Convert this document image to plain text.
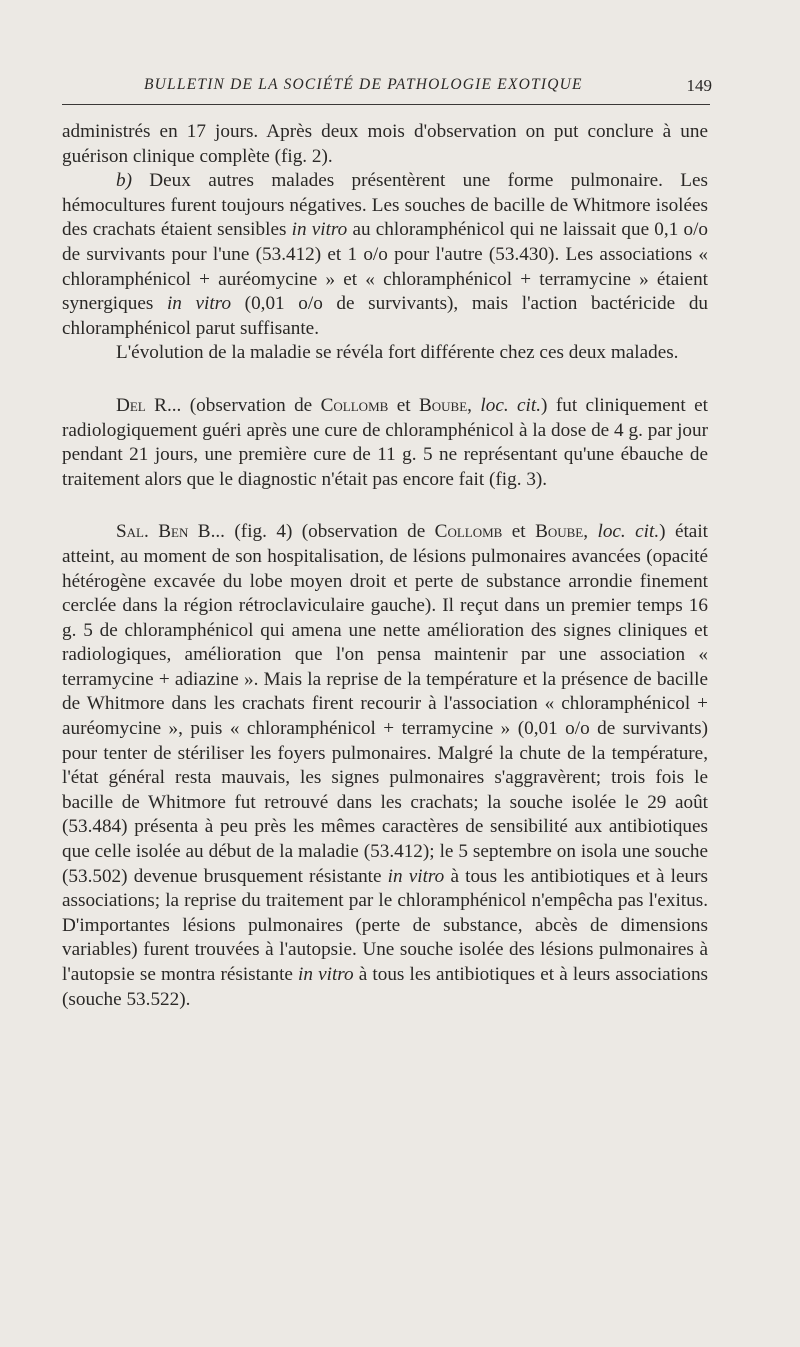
BULLETIN DE LA SOCIÉTÉ DE PATHOLOGIE EXOTIQUE	149

administrés en 17 jours. Après deux mois d'observation on put conclure à une guérison clinique complète (fig. 2).

b) Deux autres malades présentèrent une forme pulmonaire. Les hémocultures furent toujours négatives. Les souches de bacille de Whitmore isolées des crachats étaient sensibles in vitro au chloramphénicol qui ne laissait que 0,1 o/o de survivants pour l'une (53.412) et 1 o/o pour l'autre (53.430). Les associations « chloramphénicol + auréomycine » et « chloramphénicol + terramycine » étaient synergiques in vitro (0,01 o/o de survivants), mais l'action bactéricide du chloramphénicol parut suffisante.

L'évolution de la maladie se révéla fort différente chez ces deux malades.

Del R... (observation de Collomb et Boube, loc. cit.) fut cliniquement et radiologiquement guéri après une cure de chloramphénicol à la dose de 4 g. par jour pendant 21 jours, une première cure de 11 g. 5 ne représentant qu'une ébauche de traitement alors que le diagnostic n'était pas encore fait (fig. 3).

Sal. Ben B... (fig. 4) (observation de Collomb et Boube, loc. cit.) était atteint, au moment de son hospitalisation, de lésions pulmonaires avancées (opacité hétérogène excavée du lobe moyen droit et perte de substance arrondie finement cerclée dans la région rétroclaviculaire gauche). Il reçut dans un premier temps 16 g. 5 de chloramphénicol qui amena une nette amélioration des signes cliniques et radiologiques, amélioration que l'on pensa maintenir par une association « terramycine + adiazine ». Mais la reprise de la température et la présence de bacille de Whitmore dans les crachats firent recourir à l'association « chloramphénicol + auréomycine », puis « chloramphénicol + terramycine » (0,01 o/o de survivants) pour tenter de stériliser les foyers pulmonaires. Malgré la chute de la température, l'état général resta mauvais, les signes pulmonaires s'aggravèrent; trois fois le bacille de Whitmore fut retrouvé dans les crachats; la souche isolée le 29 août (53.484) présenta à peu près les mêmes caractères de sensibilité aux antibiotiques que celle isolée au début de la maladie (53.412); le 5 septembre on isola une souche (53.502) devenue brusquement résistante in vitro à tous les antibiotiques et à leurs associations; la reprise du traitement par le chloramphénicol n'empêcha pas l'exitus. D'importantes lésions pulmonaires (perte de substance, abcès de dimensions variables) furent trouvées à l'autopsie. Une souche isolée des lésions pulmonaires à l'autopsie se montra résistante in vitro à tous les antibiotiques et à leurs associations (souche 53.522).
